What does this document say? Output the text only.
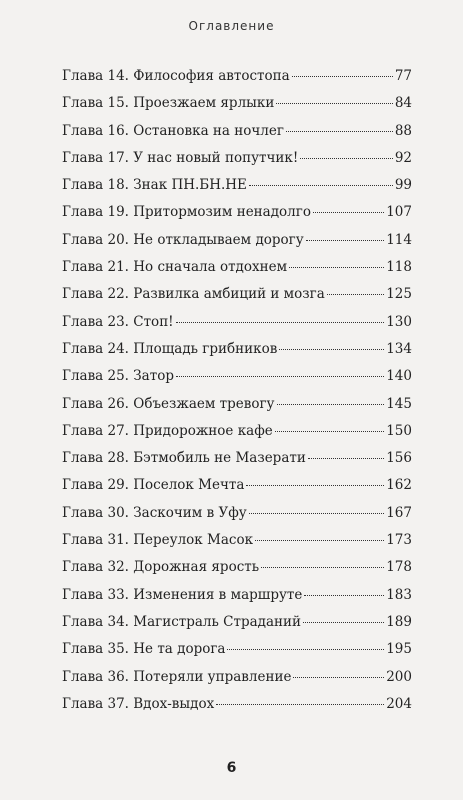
Оглавление
Глава 14. Философия автостопа	77
Глава 15. Проезжаем ярлыки	84
Глава 16. Остановка на ночлег	88
Глава 17. У нас новый попутчик!	92
Глава 18. Знак ПН.БН.НЕ	99
Глава 19. Притормозим ненадолго	107
Глава 20. Не откладываем дорогу	114
Глава 21. Но сначала отдохнем	118
Глава 22. Развилка амбиций и мозга	125
Глава 23. Стоп!	130
Глава 24. Площадь грибников	134
Глава 25. Затор	140
Глава 26. Объезжаем тревогу	145
Глава 27. Придорожное кафе	150
Глава 28. Бэтмобиль не Мазерати	156
Глава 29. Поселок Мечта	162
Глава 30. Заскочим в Уфу	167
Глава 31. Переулок Масок	173
Глава 32. Дорожная ярость	178
Глава 33. Изменения в маршруте	183
Глава 34. Магистраль Страданий	189
Глава 35. Не та дорога	195
Глава 36. Потеряли управление	200
Глава 37. Вдох-выдох	204
6
